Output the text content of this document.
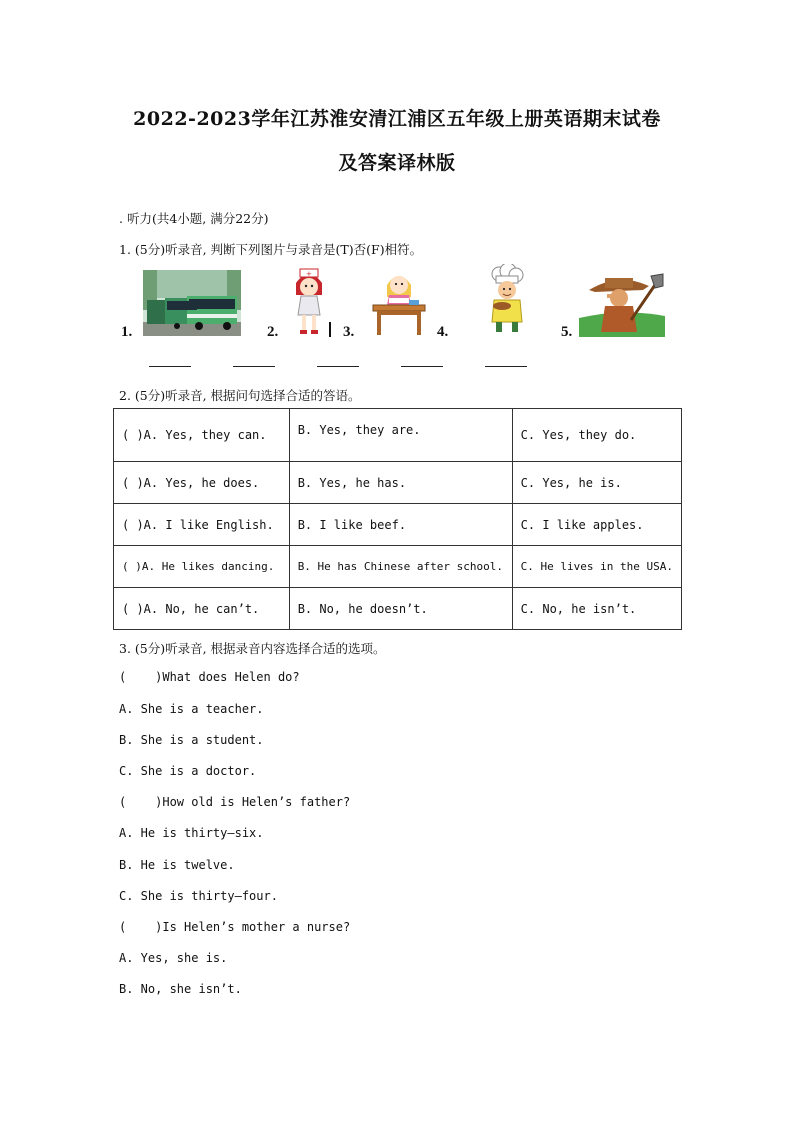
2022-2023学年江苏淮安清江浦区五年级上册英语期末试卷
及答案译林版
. 听力(共4小题, 满分22分)
1. (5分)听录音, 判断下列图片与录音是(T)否(F)相符。
1.	2.
+
3.	4.	5.
2. (5分)听录音, 根据问句选择合适的答语。
( )A. Yes, they can.	B. Yes, they are.	C. Yes, they do.
( )A. Yes, he does.	B. Yes, he has.	C. Yes, he is.
( )A. I like English.	B. I like beef.	C. I like apples.
( )A. He likes dancing.	B. He has Chinese after school.	C. He lives in the USA.
( )A. No, he can’t.	B. No, he doesn’t.	C. No, he isn’t.
3. (5分)听录音, 根据录音内容选择合适的选项。
(    )What does Helen do?
A. She is a teacher.
B. She is a student.
C. She is a doctor.
(    )How old is Helen’s father?
A. He is thirty–six.
B. He is twelve.
C. She is thirty–four.
(    )Is Helen’s mother a nurse?
A. Yes, she is.
B. No, she isn’t.
